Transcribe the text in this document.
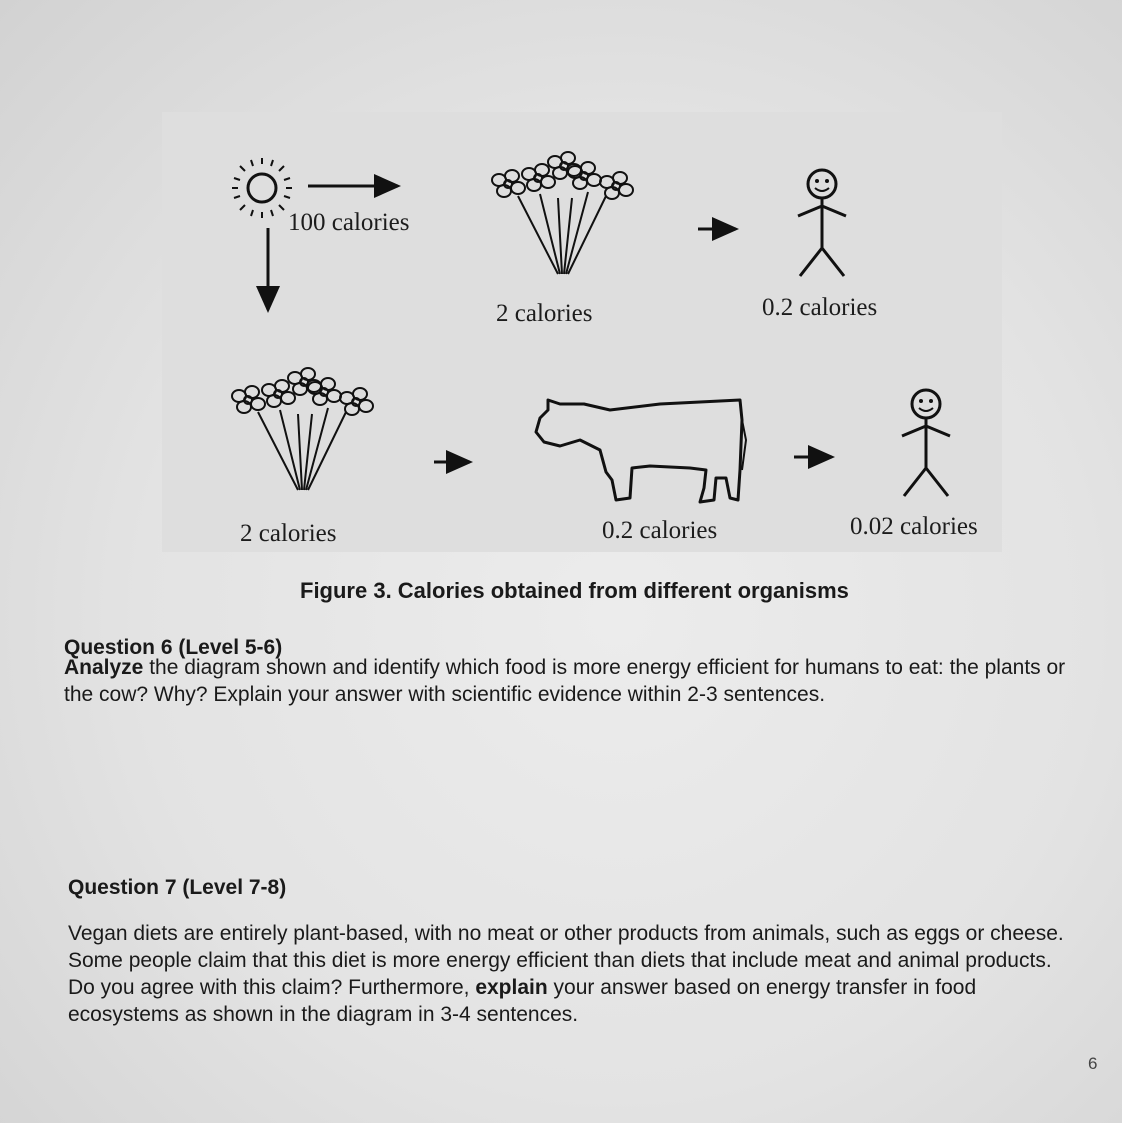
100 calories
2 calories	0.2 calories
2 calories	0.2 calories	0.02 calories
Figure 3. Calories obtained from different organisms
Question 6 (Level 5-6)
Analyze the diagram shown and identify which food is more energy efficient for humans to eat: the plants or the cow? Why? Explain your answer with scientific evidence within 2-3 sentences.
Question 7 (Level 7-8)
Vegan diets are entirely plant-based, with no meat or other products from animals, such as eggs or cheese. Some people claim that this diet is more energy efficient than diets that include meat and animal products. Do you agree with this claim? Furthermore, explain your answer based on energy transfer in food ecosystems as shown in the diagram in 3-4 sentences.
6
